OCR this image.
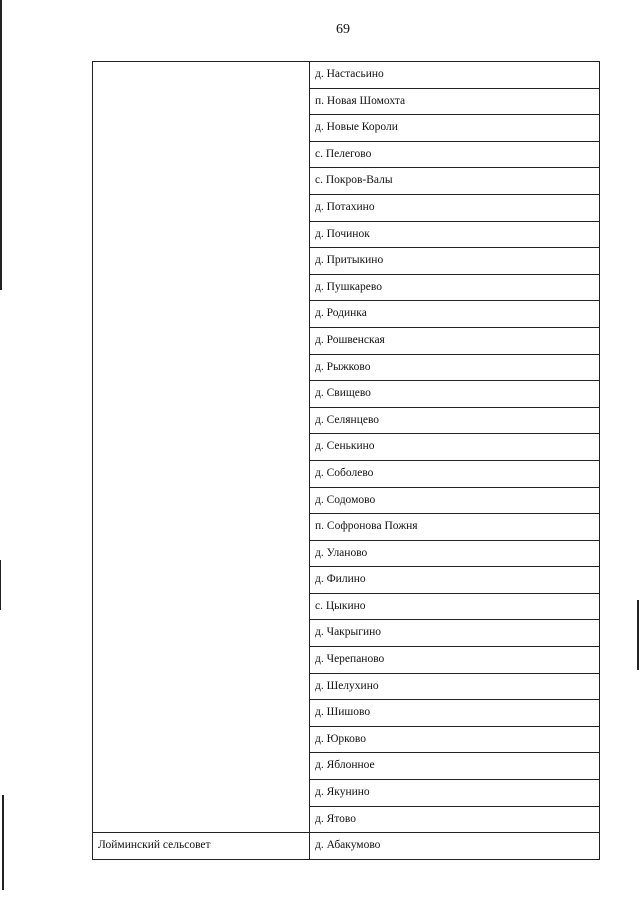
69
	д. Настасьино
	п. Новая Шомохта
	д. Новые Короли
	с. Пелегово
	с. Покров-Валы
	д. Потахино
	д. Починок
	д. Притыкино
	д. Пушкарево
	д. Родинка
	д. Рошвенская
	д. Рыжково
	д. Свищево
	д. Селянцево
	д. Сенькино
	д. Соболево
	д. Содомово
	п. Софронова Пожня
	д. Уланово
	д. Филино
	с. Цыкино
	д. Чакрыгино
	д. Черепаново
	д. Шелухино
	д. Шишово
	д. Юрково
	д. Яблонное
	д. Якунино
	д. Ятово
Лойминский сельсовет	д. Абакумово
